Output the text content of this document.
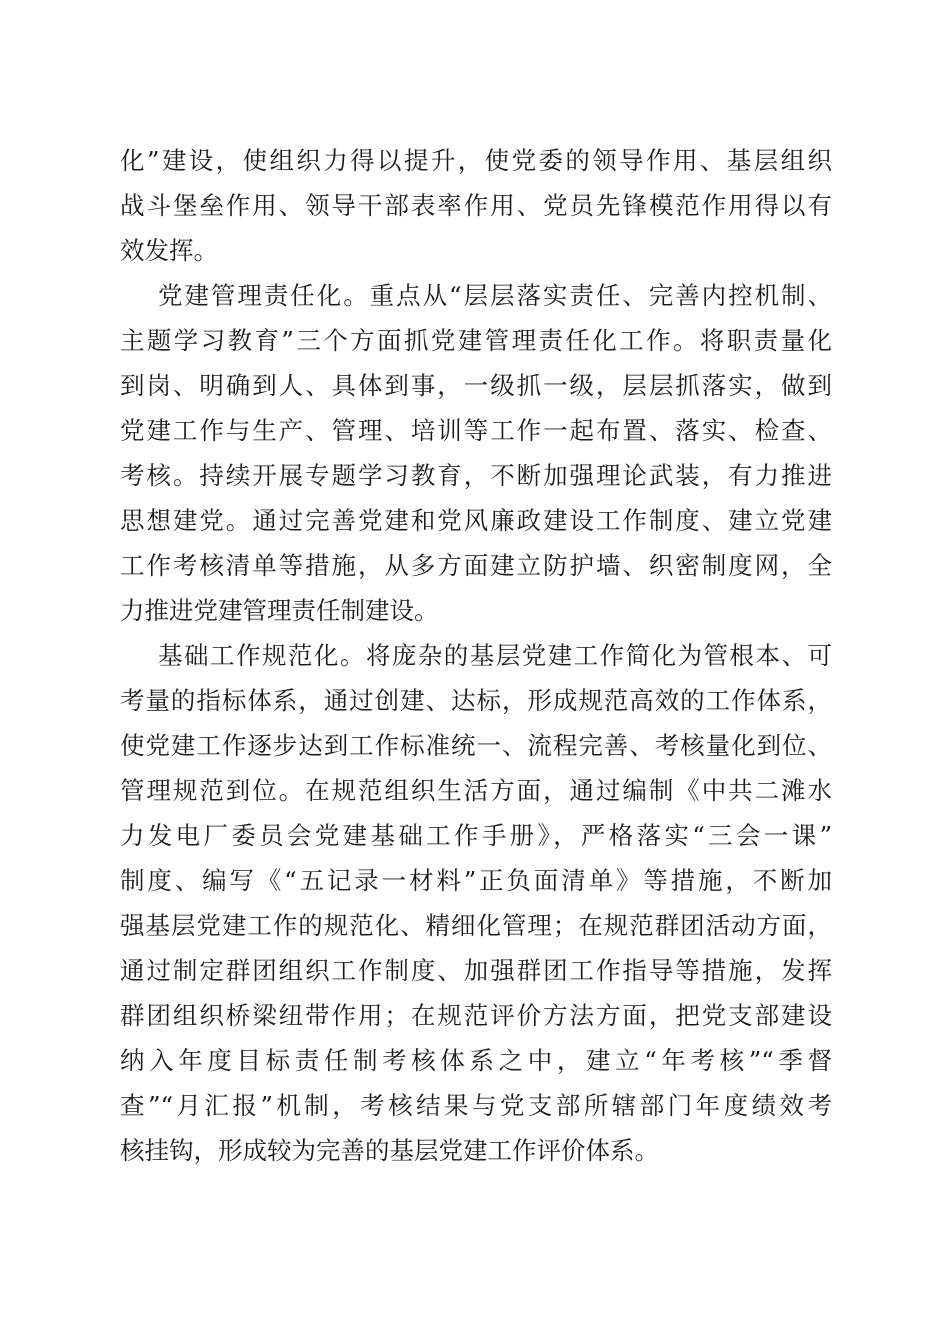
化”建设，使组织力得以提升，使党委的领导作用、基层组织
战斗堡垒作用、领导干部表率作用、党员先锋模范作用得以有
效发挥。
党建管理责任化。重点从“层层落实责任、完善内控机制、
主题学习教育”三个方面抓党建管理责任化工作。将职责量化
到岗、明确到人、具体到事，一级抓一级，层层抓落实，做到
党建工作与生产、管理、培训等工作一起布置、落实、检查、
考核。持续开展专题学习教育，不断加强理论武装，有力推进
思想建党。通过完善党建和党风廉政建设工作制度、建立党建
工作考核清单等措施，从多方面建立防护墙、织密制度网，全
力推进党建管理责任制建设。
基础工作规范化。将庞杂的基层党建工作简化为管根本、可
考量的指标体系，通过创建、达标，形成规范高效的工作体系，
使党建工作逐步达到工作标准统一、流程完善、考核量化到位、
管理规范到位。在规范组织生活方面，通过编制《中共二滩水
力发电厂委员会党建基础工作手册》，严格落实“三会一课”
制度、编写《“五记录一材料”正负面清单》等措施，不断加
强基层党建工作的规范化、精细化管理；在规范群团活动方面，
通过制定群团组织工作制度、加强群团工作指导等措施，发挥
群团组织桥梁纽带作用；在规范评价方法方面，把党支部建设
纳入年度目标责任制考核体系之中，建立“年考核”“季督
查”“月汇报”机制，考核结果与党支部所辖部门年度绩效考
核挂钩，形成较为完善的基层党建工作评价体系。
